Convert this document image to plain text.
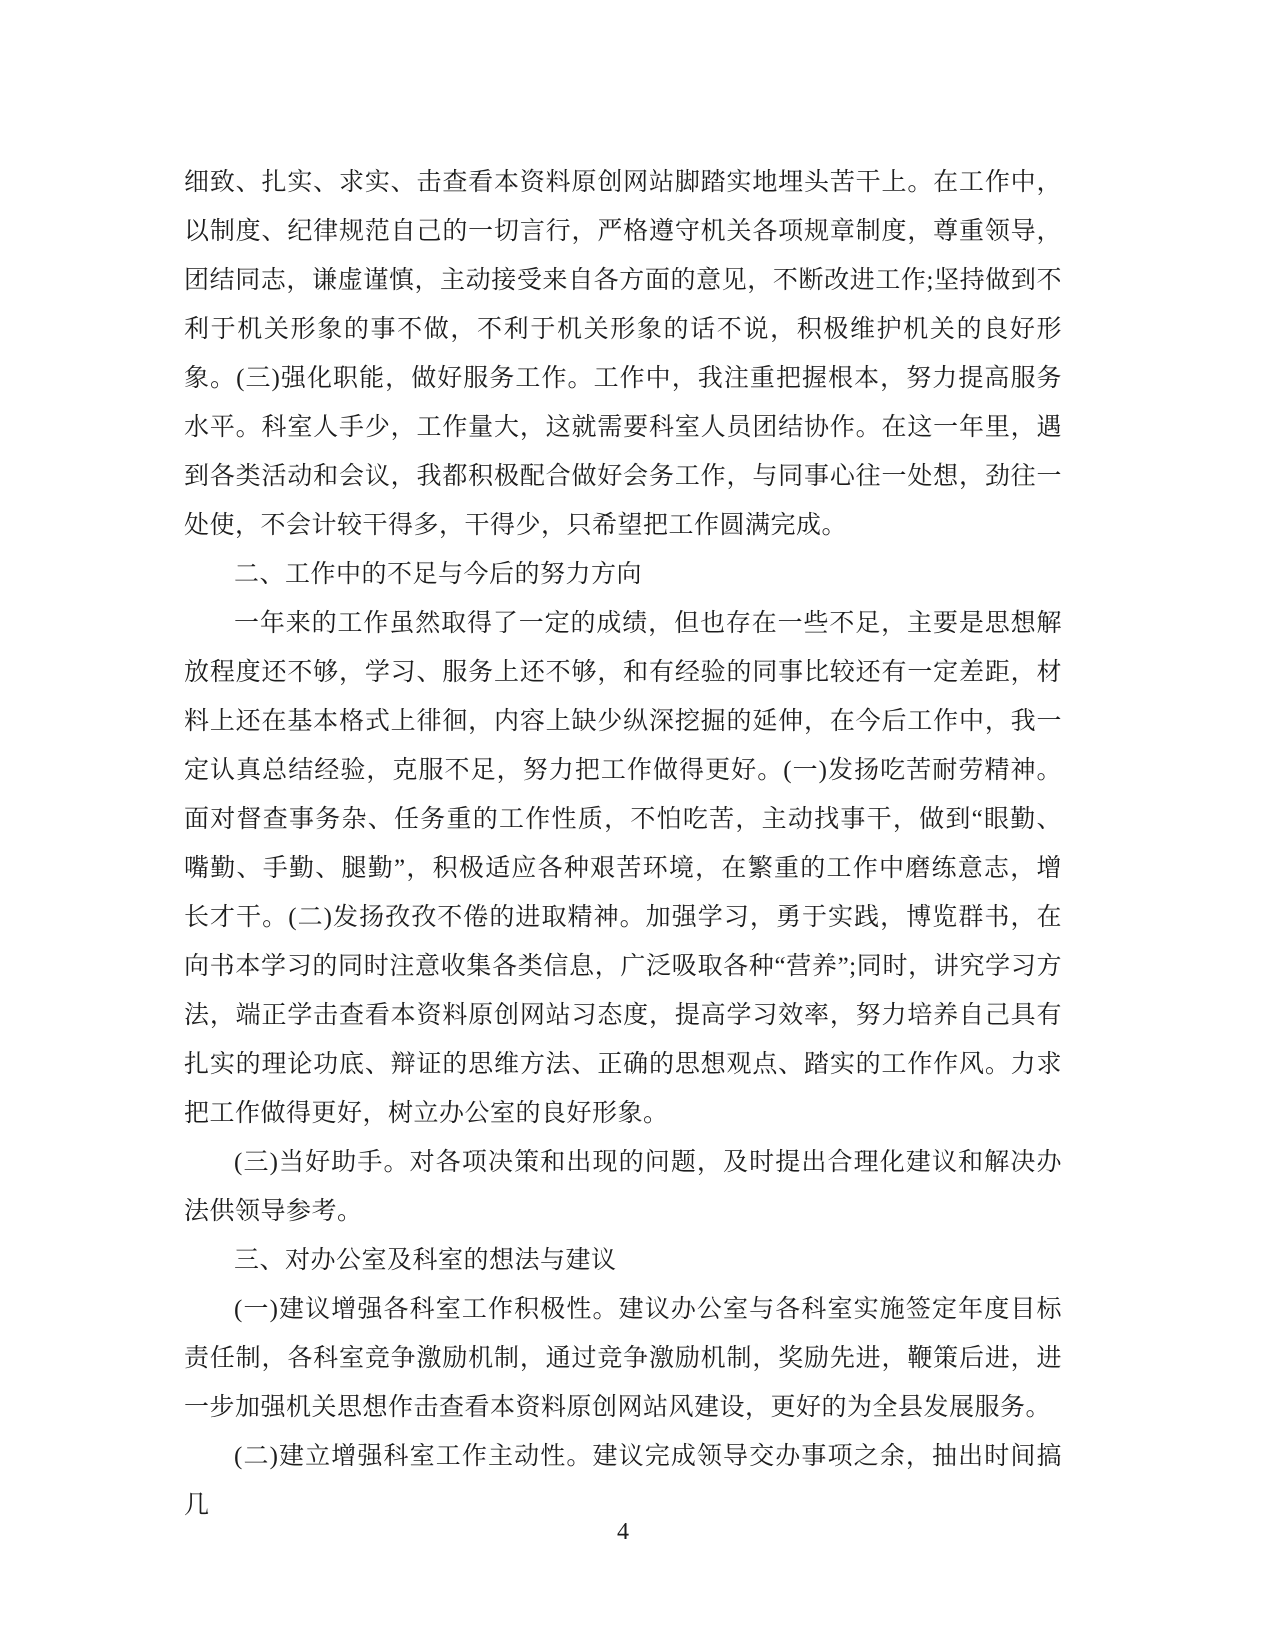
细致、扎实、求实、击查看本资料原创网站脚踏实地埋头苦干上。在工作中，以制度、纪律规范自己的一切言行，严格遵守机关各项规章制度，尊重领导，团结同志，谦虚谨慎，主动接受来自各方面的意见，不断改进工作;坚持做到不利于机关形象的事不做，不利于机关形象的话不说，积极维护机关的良好形象。(三)强化职能，做好服务工作。工作中，我注重把握根本，努力提高服务水平。科室人手少，工作量大，这就需要科室人员团结协作。在这一年里，遇到各类活动和会议，我都积极配合做好会务工作，与同事心往一处想，劲往一处使，不会计较干得多，干得少，只希望把工作圆满完成。

二、工作中的不足与今后的努力方向

一年来的工作虽然取得了一定的成绩，但也存在一些不足，主要是思想解放程度还不够，学习、服务上还不够，和有经验的同事比较还有一定差距，材料上还在基本格式上徘徊，内容上缺少纵深挖掘的延伸，在今后工作中，我一定认真总结经验，克服不足，努力把工作做得更好。(一)发扬吃苦耐劳精神。面对督查事务杂、任务重的工作性质，不怕吃苦，主动找事干，做到“眼勤、嘴勤、手勤、腿勤”，积极适应各种艰苦环境，在繁重的工作中磨练意志，增长才干。(二)发扬孜孜不倦的进取精神。加强学习，勇于实践，博览群书，在向书本学习的同时注意收集各类信息，广泛吸取各种“营养”;同时，讲究学习方法，端正学击查看本资料原创网站习态度，提高学习效率，努力培养自己具有扎实的理论功底、辩证的思维方法、正确的思想观点、踏实的工作作风。力求把工作做得更好，树立办公室的良好形象。

(三)当好助手。对各项决策和出现的问题，及时提出合理化建议和解决办法供领导参考。

三、对办公室及科室的想法与建议

(一)建议增强各科室工作积极性。建议办公室与各科室实施签定年度目标责任制，各科室竞争激励机制，通过竞争激励机制，奖励先进，鞭策后进，进一步加强机关思想作击查看本资料原创网站风建设，更好的为全县发展服务。

(二)建立增强科室工作主动性。建议完成领导交办事项之余，抽出时间搞几

4
